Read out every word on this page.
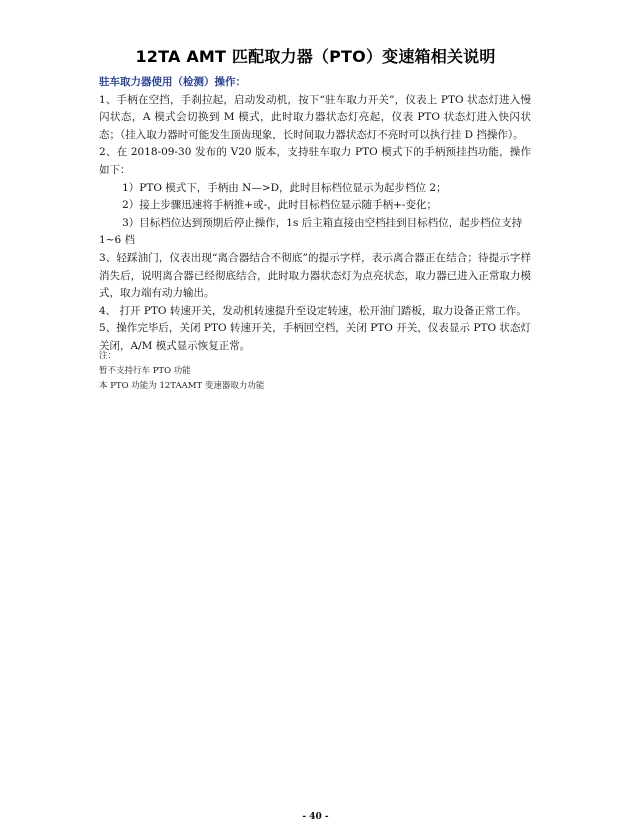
12TA AMT 匹配取力器（PTO）变速箱相关说明
驻车取力器使用（检测）操作：

1、手柄在空挡，手刹拉起，启动发动机，按下“驻车取力开关”，仪表上 PTO 状态灯进入慢闪状态，A 模式会切换到 M 模式，此时取力器状态灯亮起，仪表 PTO 状态灯进入快闪状态；（挂入取力器时可能发生顶齿现象，长时间取力器状态灯不亮时可以执行挂 D 挡操作）。

2、在 2018-09-30 发布的 V20 版本，支持驻车取力 PTO 模式下的手柄预挂挡功能，操作如下：

1）PTO 模式下，手柄由 N—>D，此时目标档位显示为起步档位 2；

2）接上步骤迅速将手柄推+或-，此时目标档位显示随手柄+-变化；

3）目标档位达到预期后停止操作，1s 后主箱直接由空档挂到目标档位，起步档位支持 1~6 档

3、轻踩油门，仪表出现“离合器结合不彻底”的提示字样，表示离合器正在结合；待提示字样消失后，说明离合器已经彻底结合，此时取力器状态灯为点亮状态，取力器已进入正常取力模式，取力端有动力输出。

4、 打开 PTO 转速开关，发动机转速提升至设定转速，松开油门踏板，取力设备正常工作。

5、操作完毕后，关闭 PTO 转速开关，手柄回空档，关闭 PTO 开关，仪表显示 PTO 状态灯关闭，A/M 模式显示恢复正常。

注：
暂不支持行车 PTO 功能
本 PTO 功能为 12TAAMT 变速器取力功能
- 40 -
